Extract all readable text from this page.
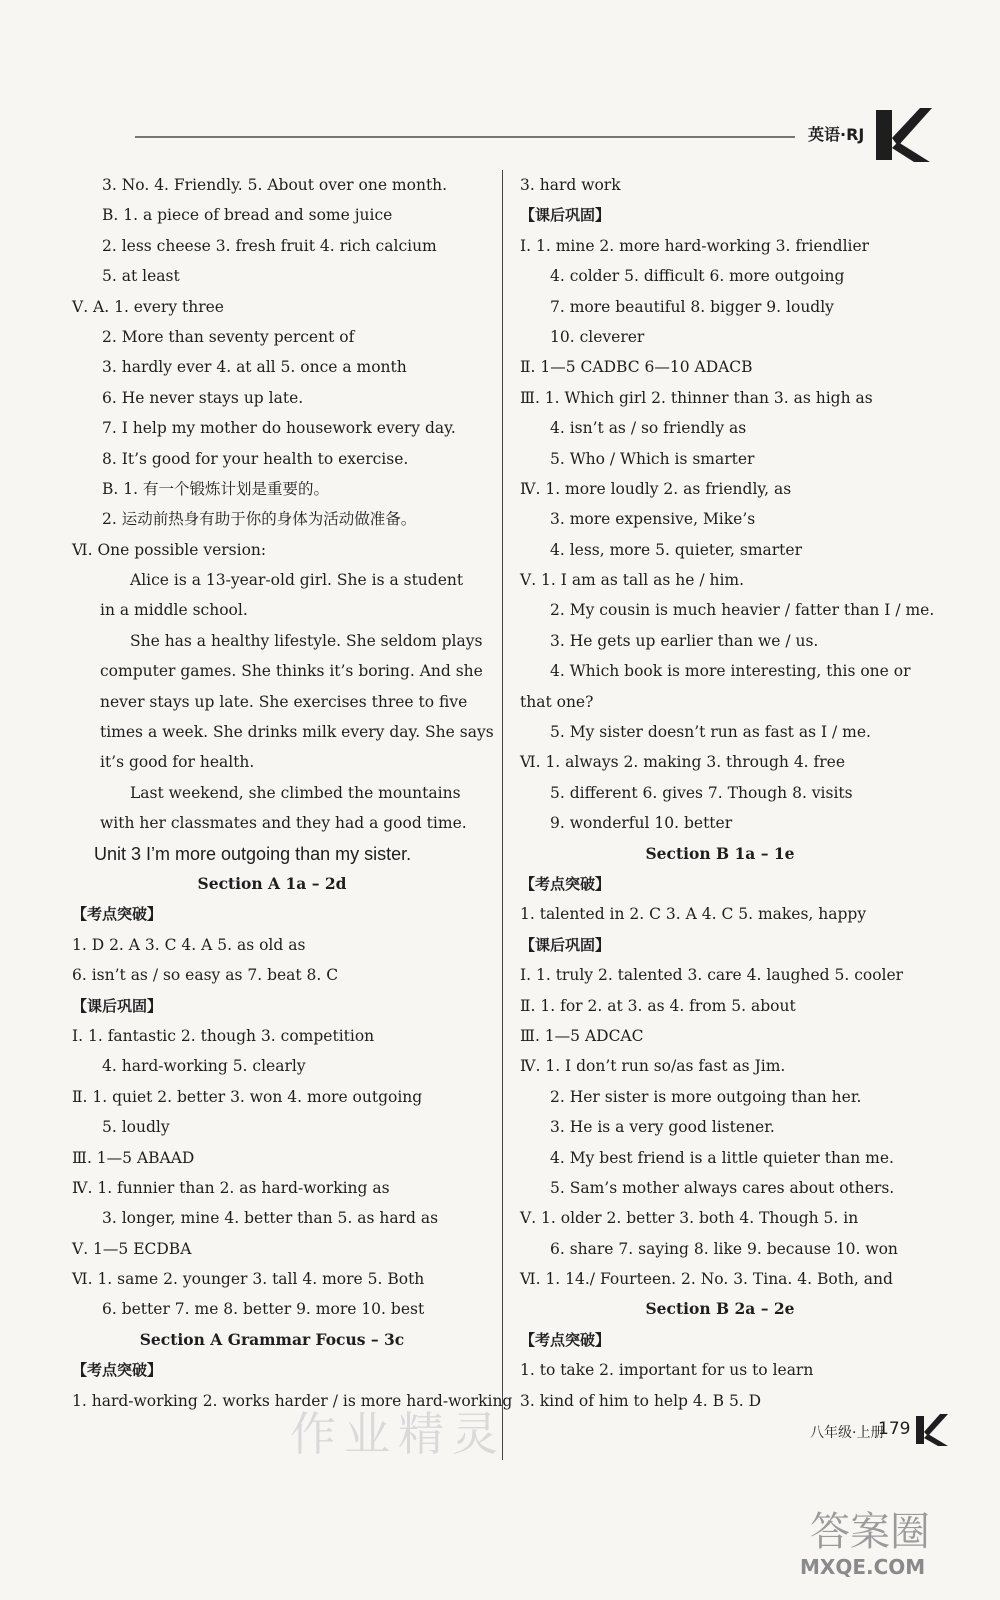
英语·RJ
3. No. 4. Friendly. 5. About over one month.
B. 1. a piece of bread and some juice
2. less cheese 3. fresh fruit 4. rich calcium
5. at least
Ⅴ. A. 1. every three
2. More than seventy percent of
3. hardly ever 4. at all 5. once a month
6. He never stays up late.
7. I help my mother do housework every day.
8. It’s good for your health to exercise.
B. 1. 有一个锻炼计划是重要的。
2. 运动前热身有助于你的身体为活动做准备。
Ⅵ. One possible version:
Alice is a 13-year-old girl. She is a student
in a middle school.
She has a healthy lifestyle. She seldom plays
computer games. She thinks it’s boring. And she
never stays up late. She exercises three to five
times a week. She drinks milk every day. She says
it’s good for health.
Last weekend, she climbed the mountains
with her classmates and they had a good time.
Unit 3 I’m more outgoing than my sister.
Section A 1a – 2d
【考点突破】
1. D 2. A 3. C 4. A 5. as old as
6. isn’t as / so easy as 7. beat 8. C
【课后巩固】
Ⅰ. 1. fantastic 2. though 3. competition
4. hard-working 5. clearly
Ⅱ. 1. quiet 2. better 3. won 4. more outgoing
5. loudly
Ⅲ. 1—5 ABAAD
Ⅳ. 1. funnier than 2. as hard-working as
3. longer, mine 4. better than 5. as hard as
Ⅴ. 1—5 ECDBA
Ⅵ. 1. same 2. younger 3. tall 4. more 5. Both
6. better 7. me 8. better 9. more 10. best
Section A Grammar Focus – 3c
【考点突破】
1. hard-working 2. works harder / is more hard-working
3. hard work
【课后巩固】
Ⅰ. 1. mine 2. more hard-working 3. friendlier
4. colder 5. difficult 6. more outgoing
7. more beautiful 8. bigger 9. loudly
10. cleverer
Ⅱ. 1—5 CADBC 6—10 ADACB
Ⅲ. 1. Which girl 2. thinner than 3. as high as
4. isn’t as / so friendly as
5. Who / Which is smarter
Ⅳ. 1. more loudly 2. as friendly, as
3. more expensive, Mike’s
4. less, more 5. quieter, smarter
Ⅴ. 1. I am as tall as he / him.
2. My cousin is much heavier / fatter than I / me.
3. He gets up earlier than we / us.
4. Which book is more interesting, this one or
that one?
5. My sister doesn’t run as fast as I / me.
Ⅵ. 1. always 2. making 3. through 4. free
5. different 6. gives 7. Though 8. visits
9. wonderful 10. better
Section B 1a – 1e
【考点突破】
1. talented in 2. C 3. A 4. C 5. makes, happy
【课后巩固】
Ⅰ. 1. truly 2. talented 3. care 4. laughed 5. cooler
Ⅱ. 1. for 2. at 3. as 4. from 5. about
Ⅲ. 1—5 ADCAC
Ⅳ. 1. I don’t run so/as fast as Jim.
2. Her sister is more outgoing than her.
3. He is a very good listener.
4. My best friend is a little quieter than me.
5. Sam’s mother always cares about others.
Ⅴ. 1. older 2. better 3. both 4. Though 5. in
6. share 7. saying 8. like 9. because 10. won
Ⅵ. 1. 14./ Fourteen. 2. No. 3. Tina. 4. Both, and
Section B 2a – 2e
【考点突破】
1. to take 2. important for us to learn
3. kind of him to help 4. B 5. D
作业精灵	八年级·上册
179
答案圈
MXQE.COM
